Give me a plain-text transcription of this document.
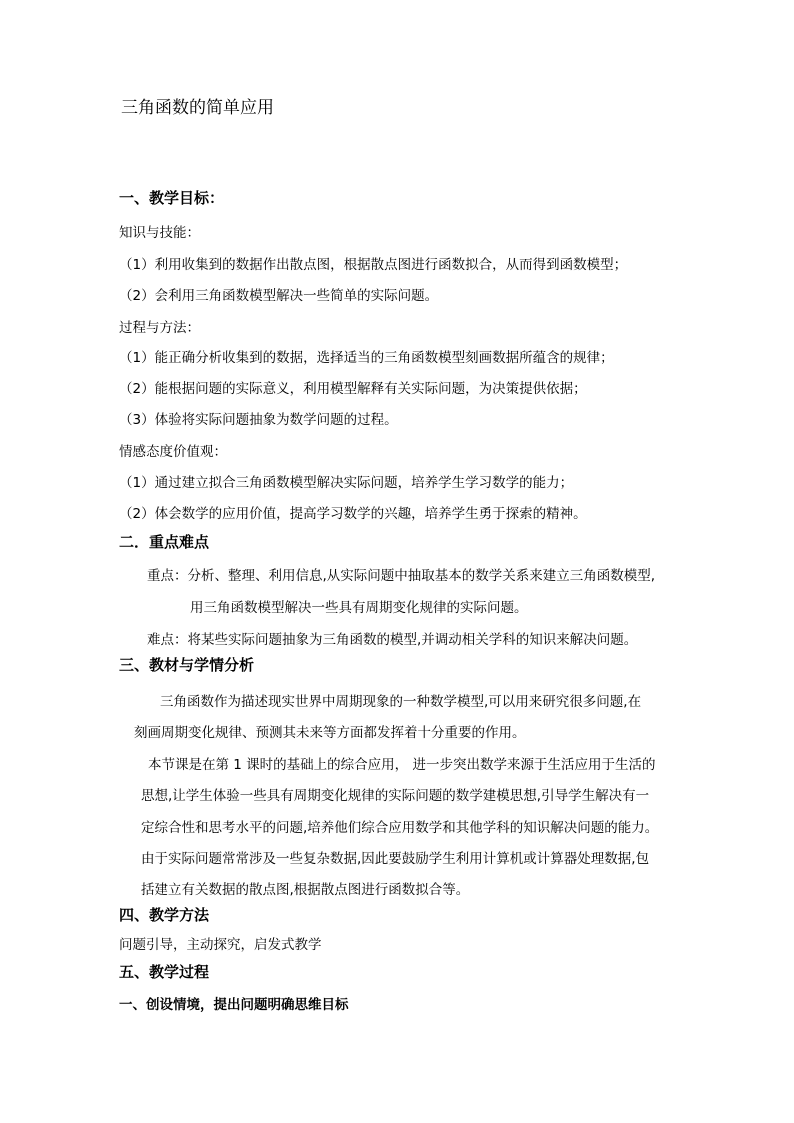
三角函数的简单应用
一、教学目标：
知识与技能：
（1）利用收集到的数据作出散点图，根据散点图进行函数拟合，从而得到函数模型；
（2）会利用三角函数模型解决一些简单的实际问题。
过程与方法：
（1）能正确分析收集到的数据，选择适当的三角函数模型刻画数据所蕴含的规律；
（2）能根据问题的实际意义，利用模型解释有关实际问题，为决策提供依据；
（3）体验将实际问题抽象为数学问题的过程。
情感态度价值观：
（1）通过建立拟合三角函数模型解决实际问题，培养学生学习数学的能力；
（2）体会数学的应用价值，提高学习数学的兴趣，培养学生勇于探索的精神。
二．重点难点
重点：分析、整理、利用信息,从实际问题中抽取基本的数学关系来建立三角函数模型,
用三角函数模型解决一些具有周期变化规律的实际问题。
难点：将某些实际问题抽象为三角函数的模型,并调动相关学科的知识来解决问题。
三、教材与学情分析
三角函数作为描述现实世界中周期现象的一种数学模型,可以用来研究很多问题,在
刻画周期变化规律、预测其未来等方面都发挥着十分重要的作用。
本节课是在第 1 课时的基础上的综合应用， 进一步突出数学来源于生活应用于生活的
思想,让学生体验一些具有周期变化规律的实际问题的数学建模思想,引导学生解决有一
定综合性和思考水平的问题,培养他们综合应用数学和其他学科的知识解决问题的能力。
由于实际问题常常涉及一些复杂数据,因此要鼓励学生利用计算机或计算器处理数据,包
括建立有关数据的散点图,根据散点图进行函数拟合等。
四、教学方法
问题引导，主动探究，启发式教学
五、教学过程
一、创设情境，提出问题明确思维目标
